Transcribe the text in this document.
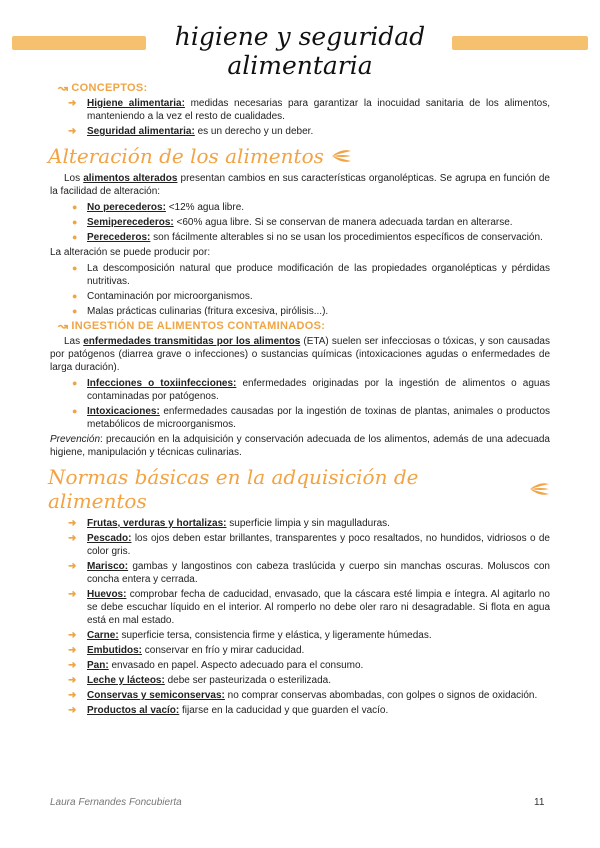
higiene y seguridad alimentaria
↝ CONCEPTOS:
➜ Higiene alimentaria: medidas necesarias para garantizar la inocuidad sanitaria de los alimentos, manteniendo a la vez el resto de cualidades.
➜ Seguridad alimentaria: es un derecho y un deber.
Alteración de los alimentos

Los alimentos alterados presentan cambios en sus características organolépticas. Se agrupa en función de la facilidad de alteración:

● No perecederos: <12% agua libre.
● Semiperecederos: <60% agua libre. Si se conservan de manera adecuada tardan en alterarse.
● Perecederos: son fácilmente alterables si no se usan los procedimientos específicos de conservación.

La alteración se puede producir por:

● La descomposición natural que produce modificación de las propiedades organolépticas y pérdidas nutritivas.
● Contaminación por microorganismos.
● Malas prácticas culinarias (fritura excesiva, pirólisis...).
↝ INGESTIÓN DE ALIMENTOS CONTAMINADOS:

Las enfermedades transmitidas por los alimentos (ETA) suelen ser infecciosas o tóxicas, y son causadas por patógenos (diarrea grave o infecciones) o sustancias químicas (intoxicaciones agudas o enfermedades de larga duración).

● Infecciones o toxiinfecciones: enfermedades originadas por la ingestión de alimentos o aguas contaminadas por patógenos.
● Intoxicaciones: enfermedades causadas por la ingestión de toxinas de plantas, animales o productos metabólicos de microorganismos.

Prevención: precaución en la adquisición y conservación adecuada de los alimentos, además de una adecuada higiene, manipulación y técnicas culinarias.

Normas básicas en la adquisición de alimentos
➜ Frutas, verduras y hortalizas: superficie limpia y sin magulladuras.
➜ Pescado: los ojos deben estar brillantes, transparentes y poco resaltados, no hundidos, vidriosos o de color gris.
➜ Marisco: gambas y langostinos con cabeza traslúcida y cuerpo sin manchas oscuras. Moluscos con concha entera y cerrada.
➜ Huevos: comprobar fecha de caducidad, envasado, que la cáscara esté limpia e íntegra. Al agitarlo no se debe escuchar líquido en el interior. Al romperlo no debe oler raro ni desagradable. Si flota en agua está en mal estado.
➜ Carne: superficie tersa, consistencia firme y elástica, y ligeramente húmedas.
➜ Embutidos: conservar en frío y mirar caducidad.
➜ Pan: envasado en papel. Aspecto adecuado para el consumo.
➜ Leche y lácteos: debe ser pasteurizada o esterilizada.
➜ Conservas y semiconservas: no comprar conservas abombadas, con golpes o signos de oxidación.
➜ Productos al vacío: fijarse en la caducidad y que guarden el vacío.
Laura Fernandes Foncubierta	11
